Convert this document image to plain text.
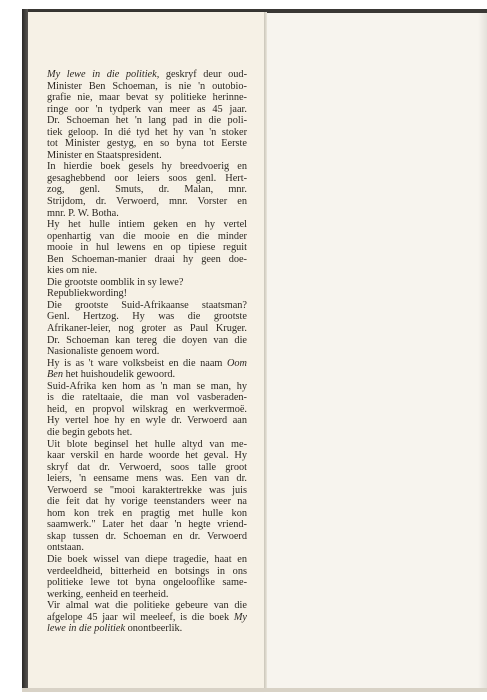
My lewe in die politiek, geskryf deur oud-
Minister Ben Schoeman, is nie 'n outobio-
grafie nie, maar bevat sy politieke herinne-
ringe oor 'n tydperk van meer as 45 jaar.
Dr. Schoeman het 'n lang pad in die poli-
tiek geloop. In dié tyd het hy van 'n stoker
tot Minister gestyg, en so byna tot Eerste
Minister en Staatspresident.
In hierdie boek gesels hy breedvoerig en
gesaghebbend oor leiers soos genl. Hert-
zog, genl. Smuts, dr. Malan, mnr.
Strijdom, dr. Verwoerd, mnr. Vorster en
mnr. P. W. Botha.
Hy het hulle intiem geken en hy vertel
openhartig van die mooie en die minder
mooie in hul lewens en op tipiese reguit
Ben Schoeman-manier draai hy geen doe-
kies om nie.
Die grootste oomblik in sy lewe?
Republiekwording!
Die grootste Suid-Afrikaanse staatsman?
Genl. Hertzog. Hy was die grootste
Afrikaner-leier, nog groter as Paul Kruger.
Dr. Schoeman kan tereg die doyen van die
Nasionaliste genoem word.
Hy is as 't ware volksbeist en die naam Oom
Ben het huishoudelik gewoord.
Suid-Afrika ken hom as 'n man se man, hy
is die rateltaaie, die man vol vasberaden-
heid, en propvol wilskrag en werkvermoë.
Hy vertel hoe hy en wyle dr. Verwoerd aan
die begin gebots het.
Uit blote beginsel het hulle altyd van me-
kaar verskil en harde woorde het geval. Hy
skryf dat dr. Verwoerd, soos talle groot
leiers, 'n eensame mens was. Een van dr.
Verwoerd se "mooi karaktertrekke was juis
die feit dat hy vorige teenstanders weer na
hom kon trek en pragtig met hulle kon
saamwerk." Later het daar 'n hegte vriend-
skap tussen dr. Schoeman en dr. Verwoerd
ontstaan.
Die boek wissel van diepe tragedie, haat en
verdeeldheid, bitterheid en botsings in ons
politieke lewe tot byna ongelooflike same-
werking, eenheid en teerheid.
Vir almal wat die politieke gebeure van die
afgelope 45 jaar wil meeleef, is die boek My
lewe in die politiek onontbeerlik.
